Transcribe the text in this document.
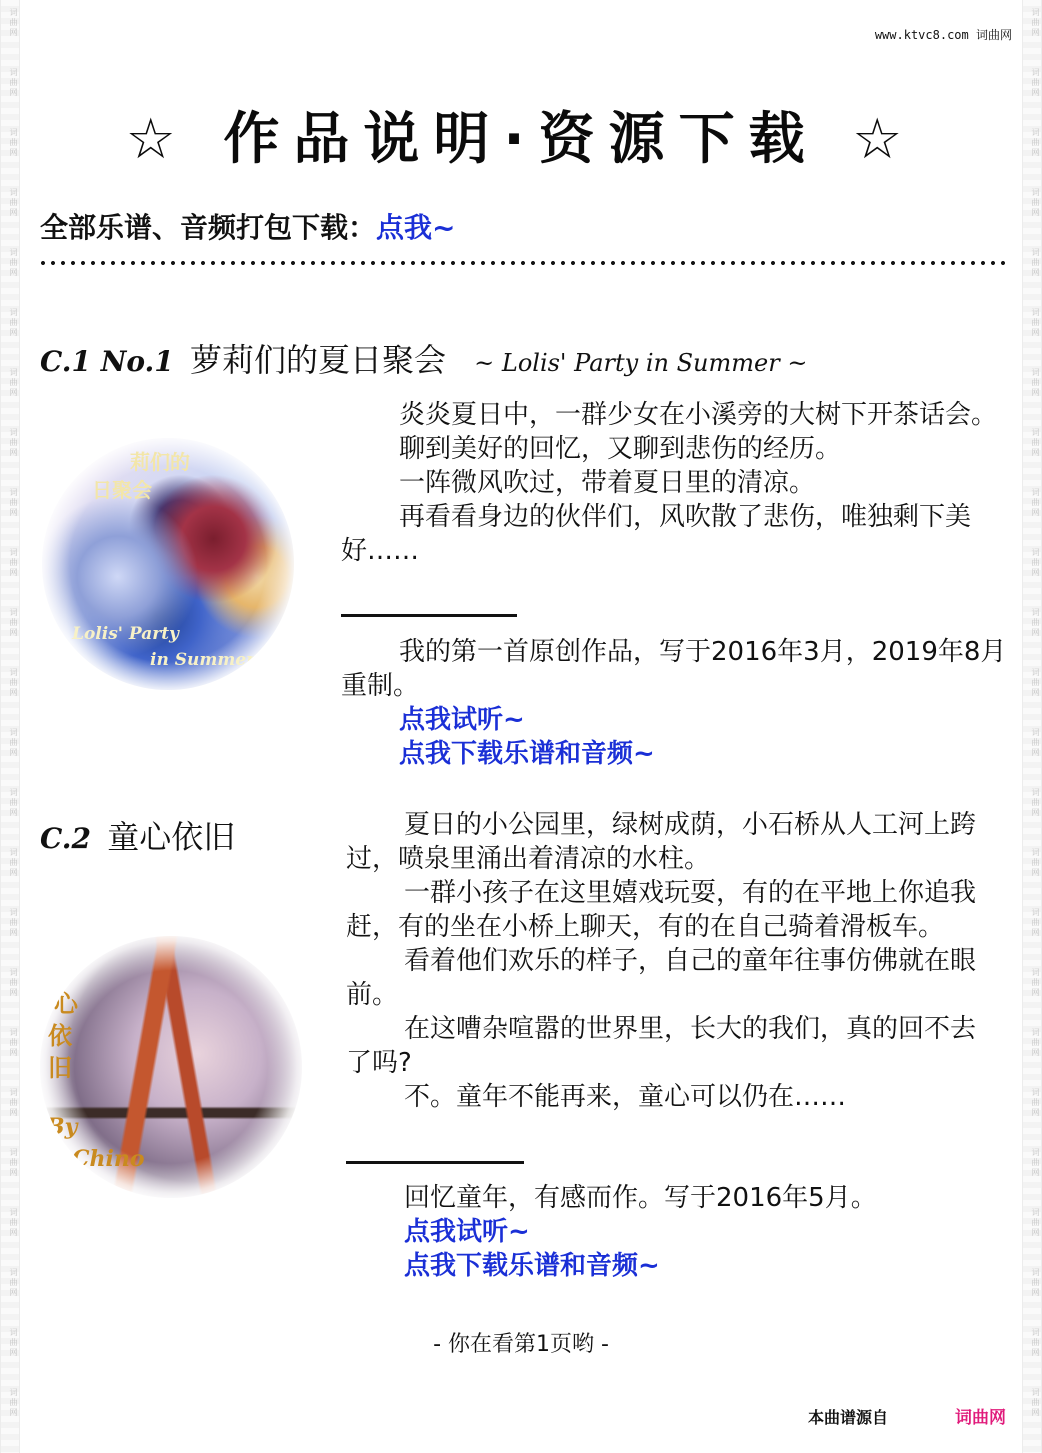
词曲网
词曲网
词曲网
词曲网
词曲网
词曲网
词曲网
词曲网
词曲网
词曲网
词曲网
词曲网
词曲网
词曲网
词曲网
词曲网
词曲网
词曲网
词曲网
词曲网
词曲网
词曲网
词曲网
词曲网
词曲网
词曲网
词曲网
词曲网
词曲网
词曲网
词曲网
词曲网
词曲网
词曲网
词曲网
词曲网
词曲网
词曲网
词曲网
词曲网
词曲网
词曲网
词曲网
词曲网
词曲网
词曲网
词曲网
词曲网
www.ktvc8.com 词曲网
☆ 作品说明·资源下载 ☆
全部乐谱、音频打包下载：点我~
C.1 No.1 萝莉们的夏日聚会 ~ Lolis' Party in Summer ~
莉们的
日聚会
Lolis' Party
in Summer

炎炎夏日中，一群少女在小溪旁的大树下开茶话会。

聊到美好的回忆，又聊到悲伤的经历。

一阵微风吹过，带着夏日里的清凉。

再看看身边的伙伴们，风吹散了悲伤，唯独剩下美好……

我的第一首原创作品，写于2016年3月，2019年8月重制。

点我试听~

点我下载乐谱和音频~

C.2 童心依旧
心
依
旧
By
Chino

夏日的小公园里，绿树成荫，小石桥从人工河上跨过，喷泉里涌出着清凉的水柱。

一群小孩子在这里嬉戏玩耍，有的在平地上你追我赶，有的坐在小桥上聊天，有的在自己骑着滑板车。

看着他们欢乐的样子，自己的童年往事仿佛就在眼前。

在这嘈杂喧嚣的世界里，长大的我们，真的回不去了吗?

不。童年不能再来，童心可以仍在……

回忆童年，有感而作。写于2016年5月。

点我试听~

点我下载乐谱和音频~

- 你在看第1页哟 -
本曲谱源自	词曲网
